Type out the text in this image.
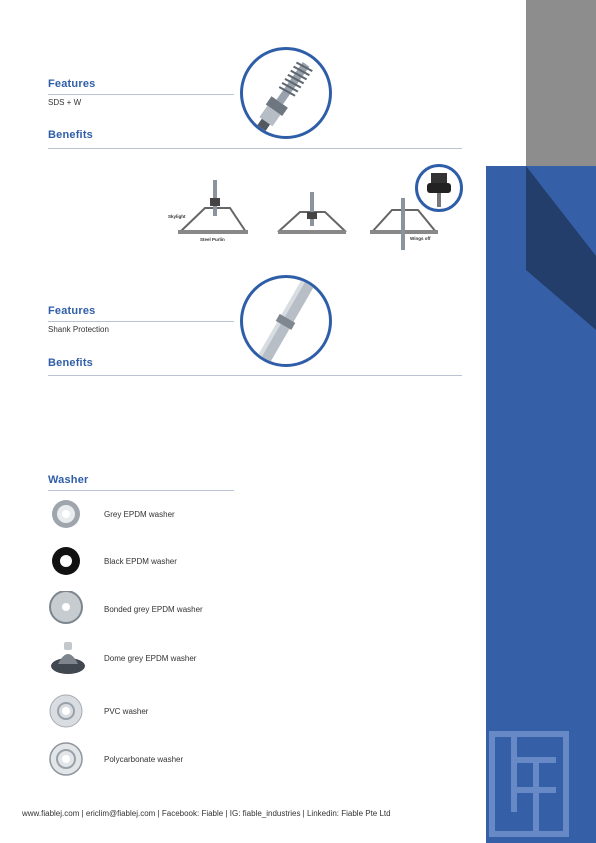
Features
SDS + W
Benefits
Skylight
Steel Purlin	Wings off
Features
Shank Protection
Benefits
Washer
Grey EPDM washer
Black EPDM washer
Bonded grey EPDM washer
Dome grey EPDM washer
PVC washer
Polycarbonate washer
www.fiablej.com | ericlim@fiablej.com | Facebook: Fiable | IG: fiable_industries | Linkedin: Fiable Pte Ltd
